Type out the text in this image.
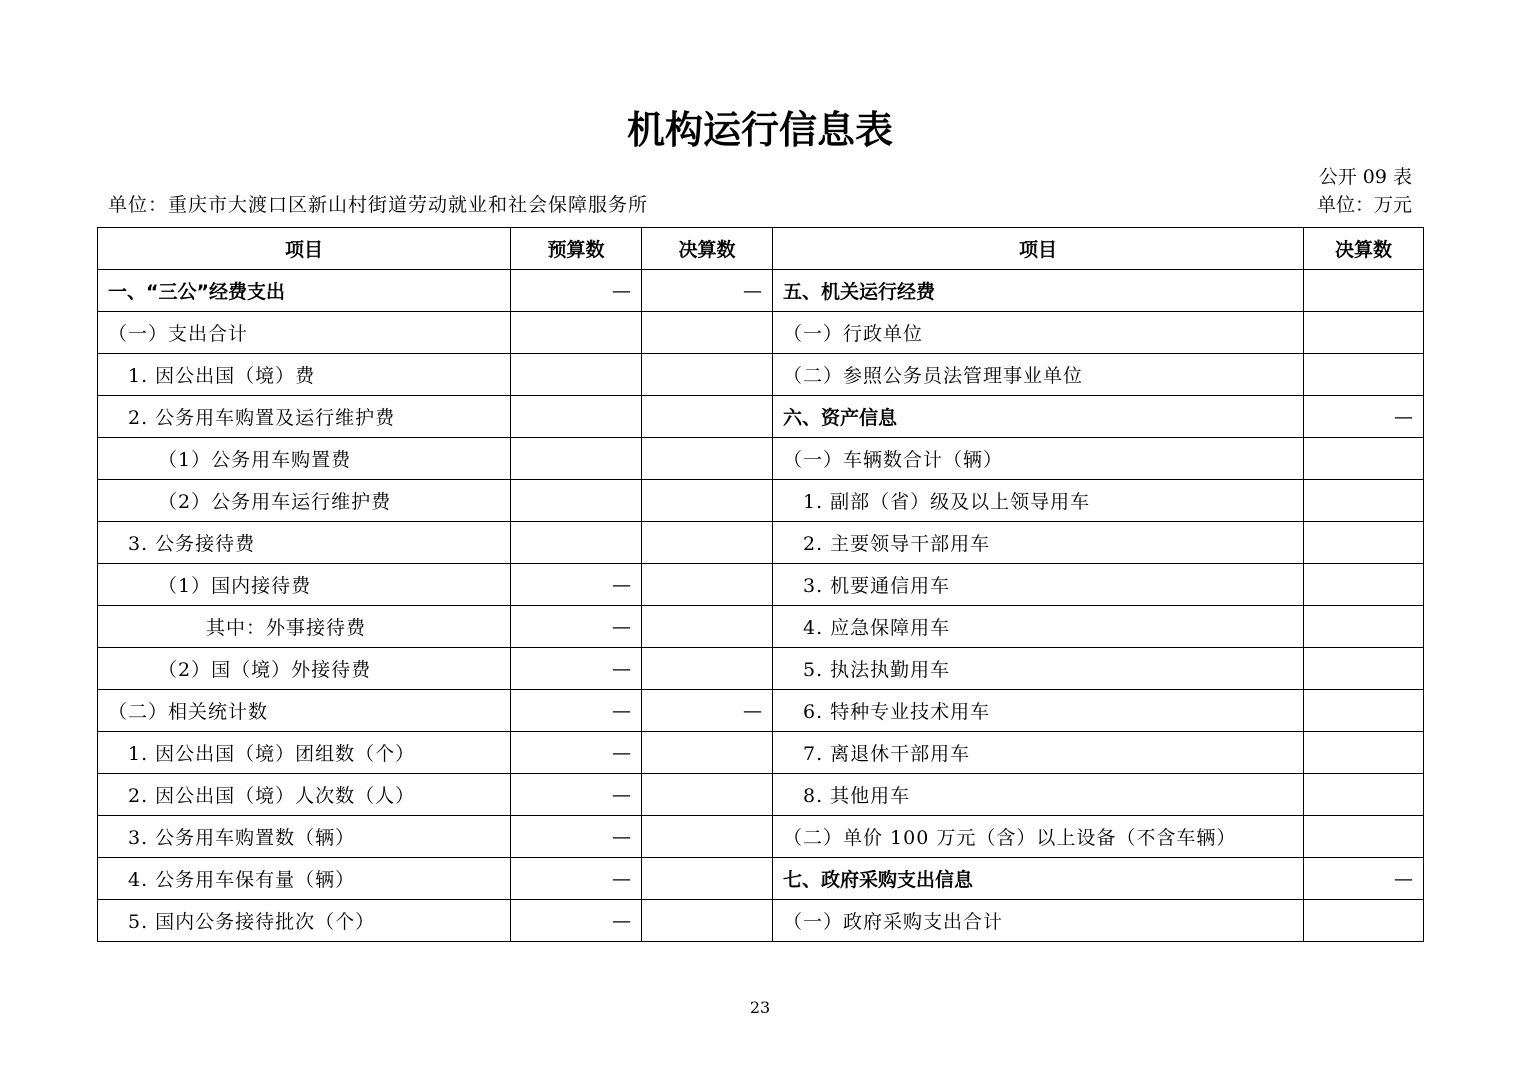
机构运行信息表
公开 09 表
单位：重庆市大渡口区新山村街道劳动就业和社会保障服务所	单位：万元
项目	预算数	决算数	项目	决算数
一、“三公”经费支出	—	—	五、机关运行经费	
（一）支出合计			（一）行政单位	
1. 因公出国（境）费			（二）参照公务员法管理事业单位	
2. 公务用车购置及运行维护费			六、资产信息	—
（1）公务用车购置费			（一）车辆数合计（辆）	
（2）公务用车运行维护费			1. 副部（省）级及以上领导用车	
3. 公务接待费			2. 主要领导干部用车	
（1）国内接待费	—		3. 机要通信用车	
其中：外事接待费	—		4. 应急保障用车	
（2）国（境）外接待费	—		5. 执法执勤用车	
（二）相关统计数	—	—	6. 特种专业技术用车	
1. 因公出国（境）团组数（个）	—		7. 离退休干部用车	
2. 因公出国（境）人次数（人）	—		8. 其他用车	
3. 公务用车购置数（辆）	—		（二）单价 100 万元（含）以上设备（不含车辆）	
4. 公务用车保有量（辆）	—		七、政府采购支出信息	—
5. 国内公务接待批次（个）	—		（一）政府采购支出合计	
23
